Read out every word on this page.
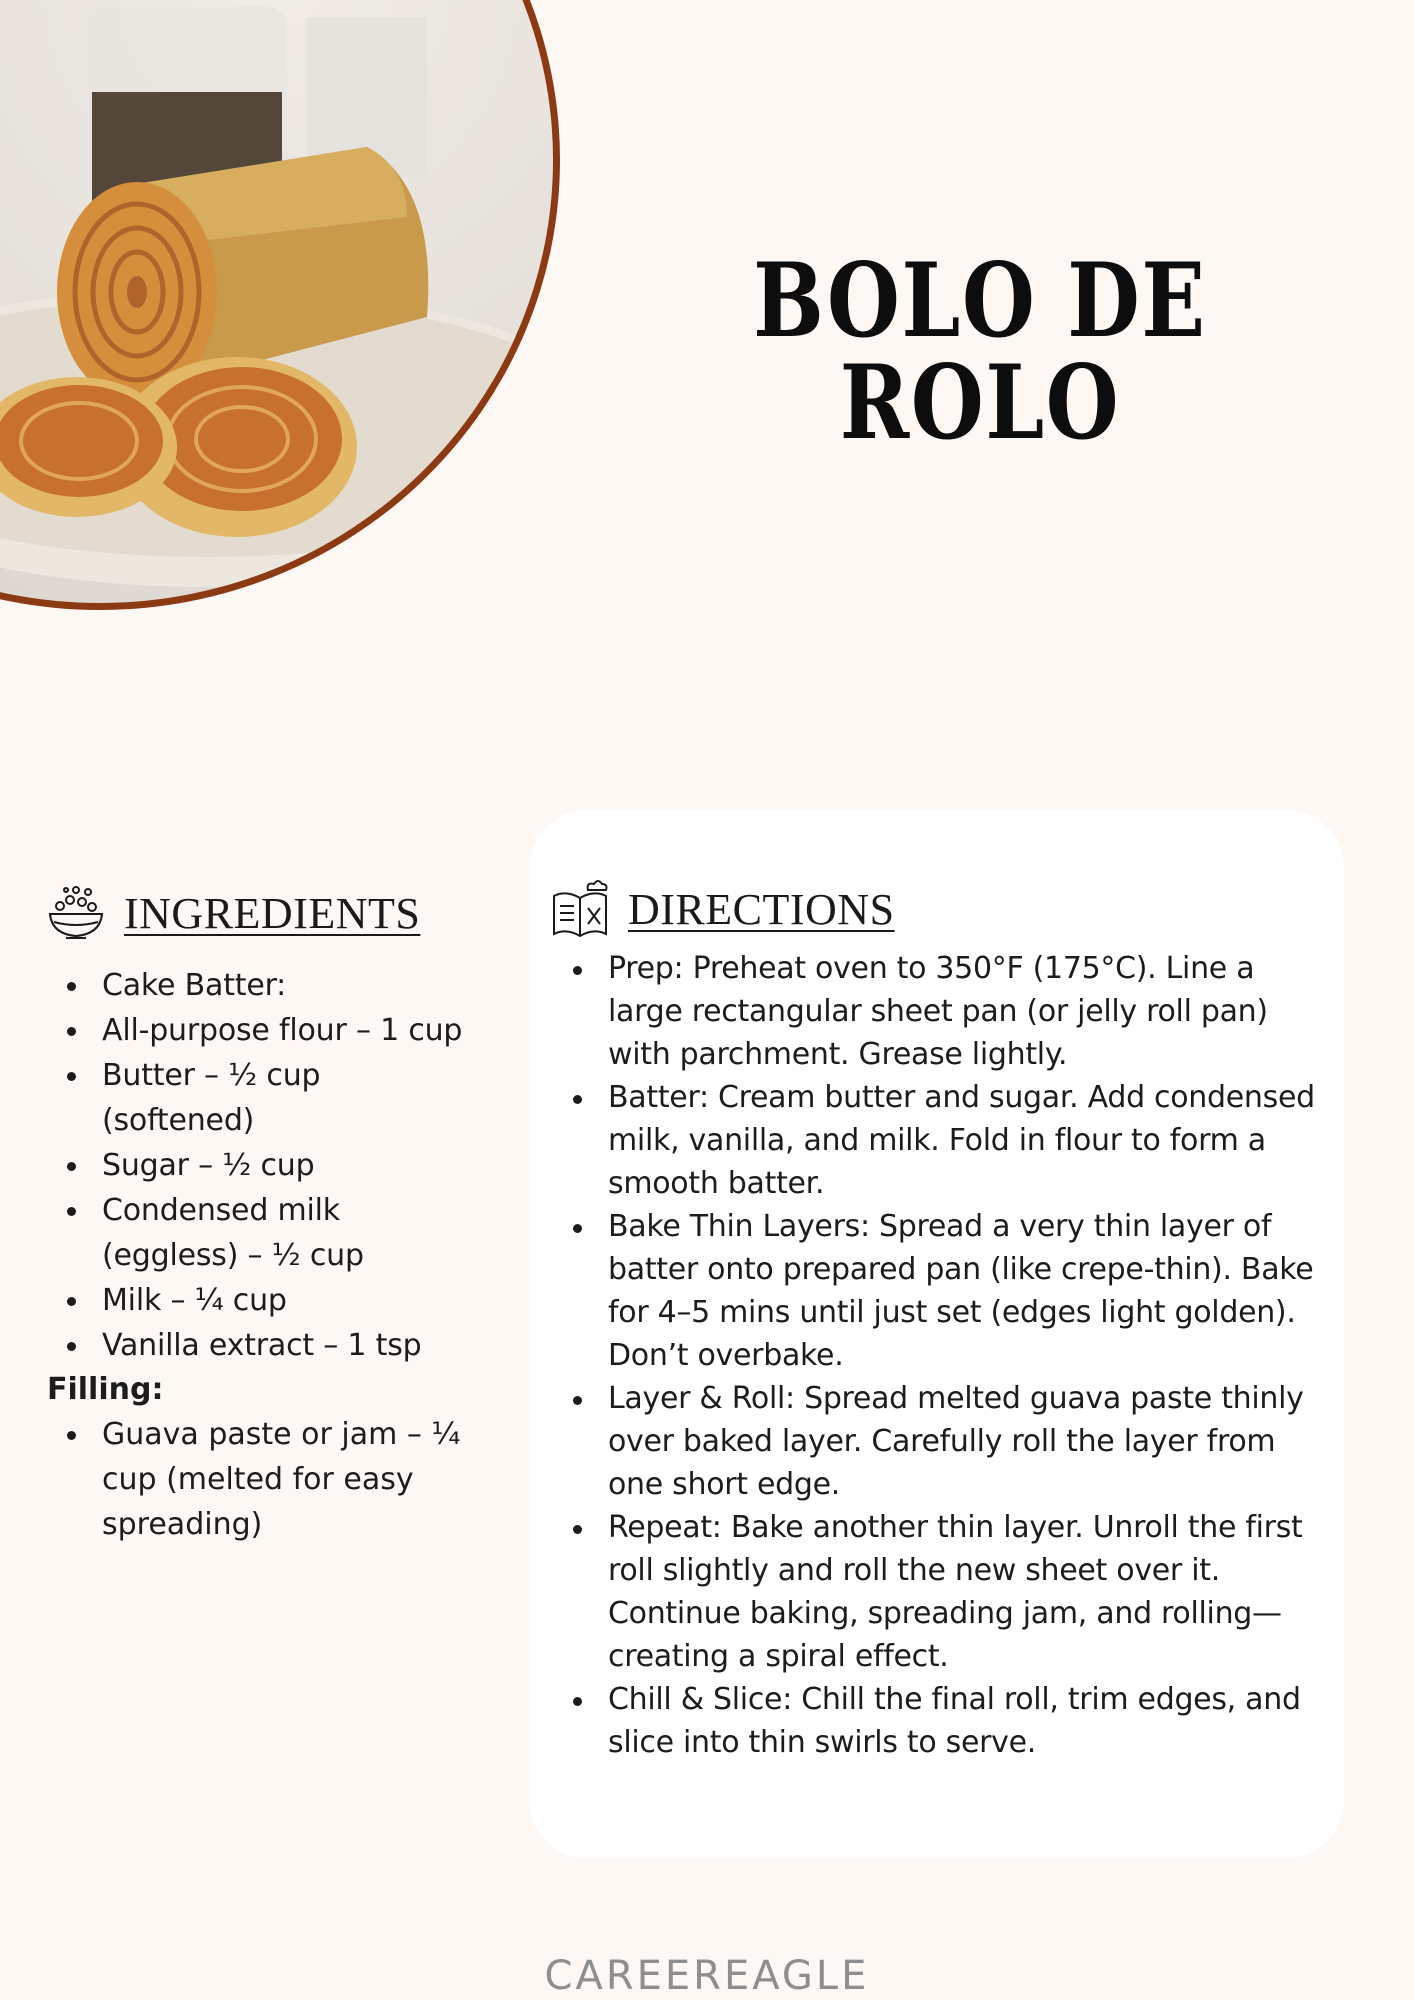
BOLO DE ROLO
INGREDIENTS
Cake Batter:
All-purpose flour – 1 cup
Butter – ½ cup (softened)
Sugar – ½ cup
Condensed milk (eggless) – ½ cup
Milk – ¼ cup
Vanilla extract – 1 tsp
Filling:
Guava paste or jam – ¼ cup (melted for easy spreading)
DIRECTIONS
Prep: Preheat oven to 350°F (175°C). Line a large rectangular sheet pan (or jelly roll pan) with parchment. Grease lightly.
Batter: Cream butter and sugar. Add condensed milk, vanilla, and milk. Fold in flour to form a smooth batter.
Bake Thin Layers: Spread a very thin layer of batter onto prepared pan (like crepe-thin). Bake for 4–5 mins until just set (edges light golden). Don’t overbake.
Layer & Roll: Spread melted guava paste thinly over baked layer. Carefully roll the layer from one short edge.
Repeat: Bake another thin layer. Unroll the first roll slightly and roll the new sheet over it. Continue baking, spreading jam, and rolling—creating a spiral effect.
Chill & Slice: Chill the final roll, trim edges, and slice into thin swirls to serve.
CAREEREAGLE
